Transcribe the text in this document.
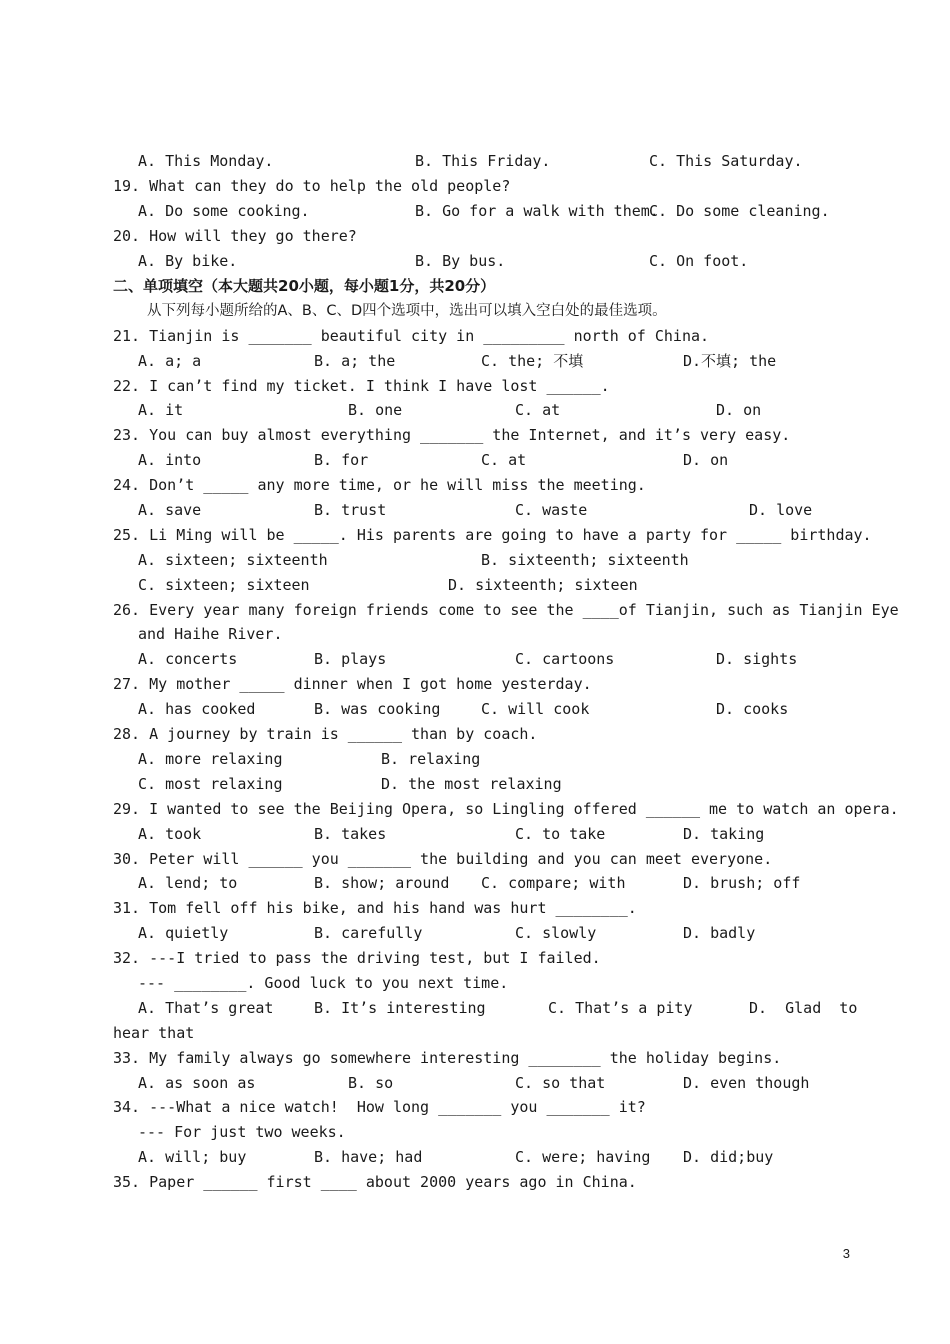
A. This Monday.	B. This Friday.	C. This Saturday.
19. What can they do to help the old people?
A. Do some cooking.	B. Go for a walk with them.
C. Do some cleaning.
20. How will they go there?
A. By bike.	B. By bus.	C. On foot.
二、单项填空（本大题共20小题，每小题1分，共20分）
从下列每小题所给的A、B、C、D四个选项中，选出可以填入空白处的最佳选项。
21. Tianjin is _______ beautiful city in _________ north of China.
A. a; a	B. a; the	C. the; 不填	D.不填; the
22. I can’t find my ticket. I think I have lost ______.
A. it	B. one	C. at	D. on
23. You can buy almost everything _______ the Internet, and it’s very easy.
A. into	B. for	C. at	D. on
24. Don’t _____ any more time, or he will miss the meeting.
A. save	B. trust	C. waste	D. love
25. Li Ming will be _____. His parents are going to have a party for _____ birthday.
A. sixteen; sixteenth	B. sixteenth; sixteenth
C. sixteen; sixteen	D. sixteenth; sixteen
26. Every year many foreign friends come to see the ____of Tianjin, such as Tianjin Eye
and Haihe River.
A. concerts	B. plays	C. cartoons	D. sights
27. My mother _____ dinner when I got home yesterday.
A. has cooked	B. was cooking	C. will cook	D. cooks
28. A journey by train is ______ than by coach.
A. more relaxing	B. relaxing
C. most relaxing	D. the most relaxing
29. I wanted to see the Beijing Opera, so Lingling offered ______ me to watch an opera.
A. took	B. takes	C. to take	D. taking
30. Peter will ______ you _______ the building and you can meet everyone.
A. lend; to	B. show; around C. compare; with	D. brush; off
31. Tom fell off his bike, and his hand was hurt ________.
A. quietly	B. carefully	C. slowly	D. badly
32. ---I tried to pass the driving test, but I failed.
--- ________. Good luck to you next time.
A. That’s great	B. It’s interesting	C. That’s a pity	D.  Glad  to
hear that
33. My family always go somewhere interesting ________ the holiday begins.
A. as soon as	B. so	C. so that	D. even though
34. ---What a nice watch!  How long _______ you _______ it?
--- For just two weeks.
A. will; buy	B. have; had	C. were; having D. did;buy
35. Paper ______ first ____ about 2000 years ago in China.
3
